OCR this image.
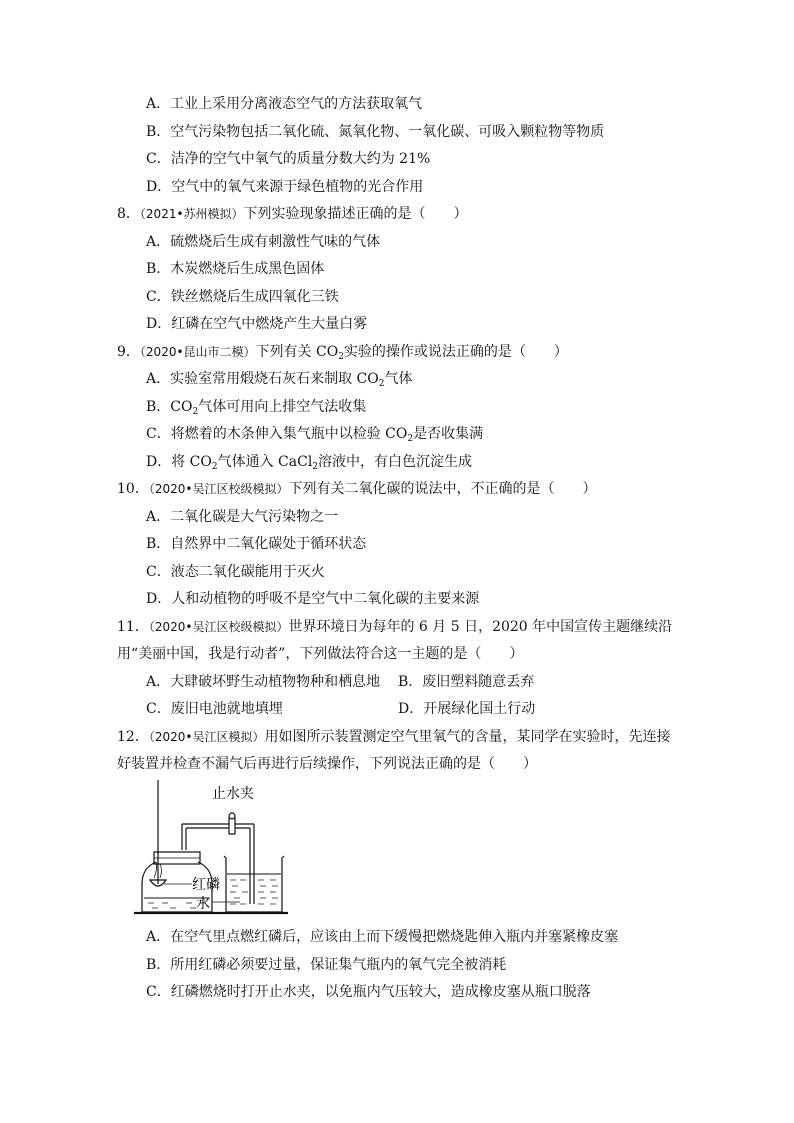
A．工业上采用分离液态空气的方法获取氧气
B．空气污染物包括二氧化硫、氮氧化物、一氧化碳、可吸入颗粒物等物质
C．洁净的空气中氧气的质量分数大约为 21%
D．空气中的氧气来源于绿色植物的光合作用
8．（2021•苏州模拟）下列实验现象描述正确的是（　　）
A．硫燃烧后生成有刺激性气味的气体
B．木炭燃烧后生成黑色固体
C．铁丝燃烧后生成四氧化三铁
D．红磷在空气中燃烧产生大量白雾
9．（2020•昆山市二模）下列有关 $CO_2$实验的操作或说法正确的是（　　）
A．实验室常用煅烧石灰石来制取 $CO_2$气体
B．$CO_2$气体可用向上排空气法收集
C．将燃着的木条伸入集气瓶中以检验 $CO_2$是否收集满
D．将 $CO_2$气体通入 CaCl$_2$溶液中，有白色沉淀生成
10．（2020•吴江区校级模拟）下列有关二氧化碳的说法中，不正确的是（　　）
A．二氧化碳是大气污染物之一
B．自然界中二氧化碳处于循环状态
C．液态二氧化碳能用于灭火
D．人和动植物的呼吸不是空气中二氧化碳的主要来源
11．（2020•吴江区校级模拟）世界环境日为每年的 6 月 5 日，2020 年中国宣传主题继续沿
用“美丽中国，我是行动者”，下列做法符合这一主题的是（　　）
A．大肆破坏野生动植物物种和栖息地 B．废旧塑料随意丢弃
C．废旧电池就地填埋	D．开展绿化国土行动
12．（2020•吴江区模拟）用如图所示装置测定空气里氧气的含量，某同学在实验时，先连接
好装置并检查不漏气后再进行后续操作，下列说法正确的是（　　）
止水夹
红磷
水
A．在空气里点燃红磷后，应该由上而下缓慢把燃烧匙伸入瓶内并塞紧橡皮塞
B．所用红磷必须要过量，保证集气瓶内的氧气完全被消耗
C．红磷燃烧时打开止水夹，以免瓶内气压较大，造成橡皮塞从瓶口脱落
